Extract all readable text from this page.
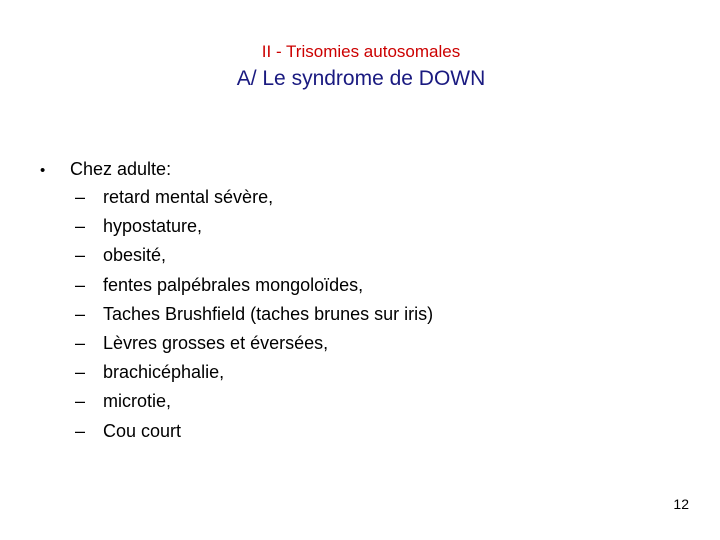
II - Trisomies autosomales
A/ Le syndrome de DOWN
•	Chez adulte:
– retard mental sévère,
– hypostature,
– obesité,
– fentes palpébrales mongoloïdes,
– Taches Brushfield (taches brunes sur iris)
– Lèvres grosses et éversées,
– brachicéphalie,
– microtie,
– Cou court
12
